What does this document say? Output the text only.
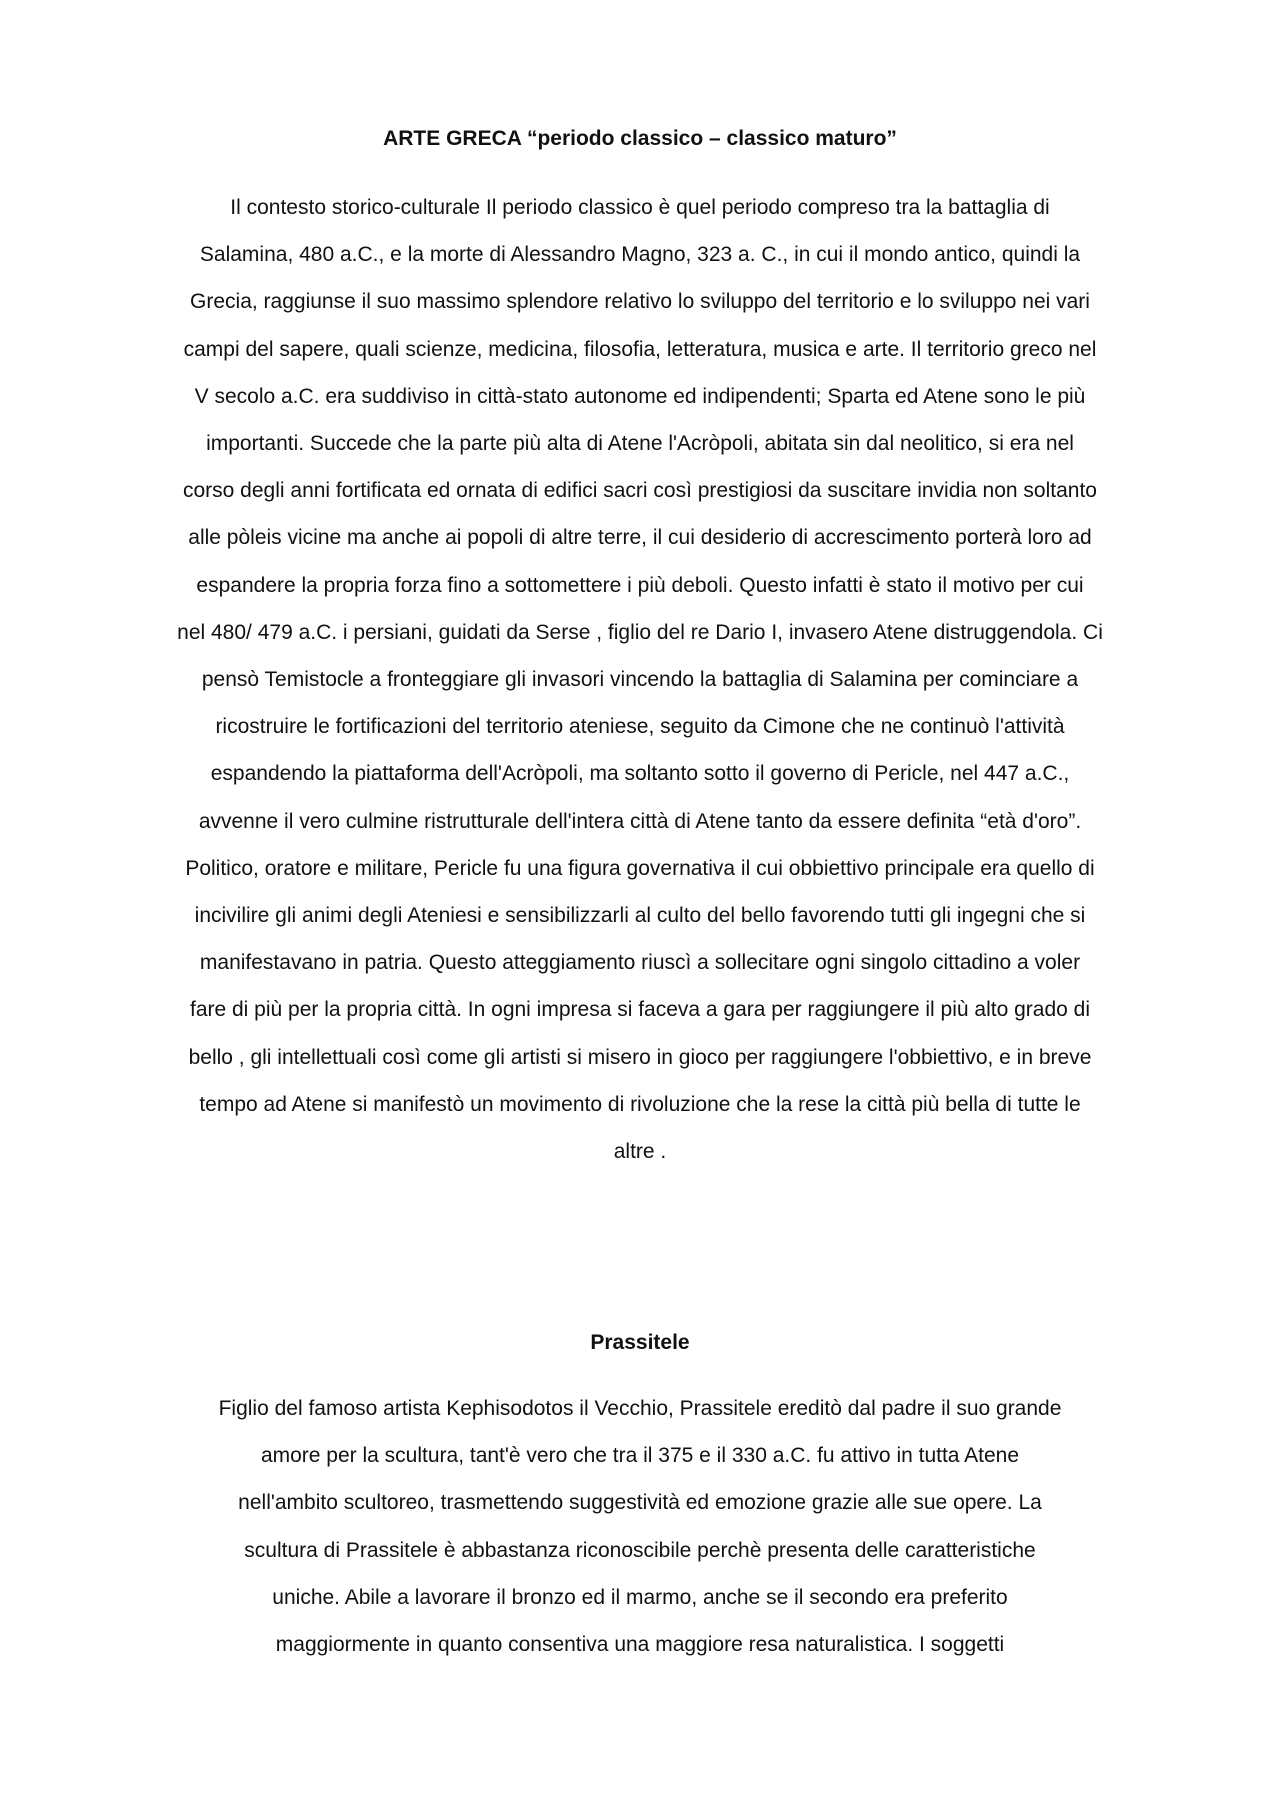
ARTE GRECA “periodo classico – classico maturo”
Il contesto storico-culturale Il periodo classico è quel periodo compreso tra la battaglia di
Salamina, 480 a.C., e la morte di Alessandro Magno, 323 a. C., in cui il mondo antico, quindi la
Grecia, raggiunse il suo massimo splendore relativo lo sviluppo del territorio e lo sviluppo nei vari
campi del sapere, quali scienze, medicina, filosofia, letteratura, musica e arte. Il territorio greco nel
V secolo a.C. era suddiviso in città-stato autonome ed indipendenti; Sparta ed Atene sono le più
importanti. Succede che la parte più alta di Atene l'Acròpoli, abitata sin dal neolitico, si era nel
corso degli anni fortificata ed ornata di edifici sacri così prestigiosi da suscitare invidia non soltanto
alle pòleis vicine ma anche ai popoli di altre terre, il cui desiderio di accrescimento porterà loro ad
espandere la propria forza fino a sottomettere i più deboli. Questo infatti è stato il motivo per cui
nel 480/ 479 a.C. i persiani, guidati da Serse , figlio del re Dario I, invasero Atene distruggendola. Ci
pensò Temistocle a fronteggiare gli invasori vincendo la battaglia di Salamina per cominciare a
ricostruire le fortificazioni del territorio ateniese, seguito da Cimone che ne continuò l'attività
espandendo la piattaforma dell'Acròpoli, ma soltanto sotto il governo di Pericle, nel 447 a.C.,
avvenne il vero culmine ristrutturale dell'intera città di Atene tanto da essere definita “età d'oro”.
Politico, oratore e militare, Pericle fu una figura governativa il cui obbiettivo principale era quello di
incivilire gli animi degli Ateniesi e sensibilizzarli al culto del bello favorendo tutti gli ingegni che si
manifestavano in patria. Questo atteggiamento riuscì a sollecitare ogni singolo cittadino a voler
fare di più per la propria città. In ogni impresa si faceva a gara per raggiungere il più alto grado di
bello , gli intellettuali così come gli artisti si misero in gioco per raggiungere l'obbiettivo, e in breve
tempo ad Atene si manifestò un movimento di rivoluzione che la rese la città più bella di tutte le
altre .
Prassitele
Figlio del famoso artista Kephisodotos il Vecchio, Prassitele ereditò dal padre il suo grande
amore per la scultura, tant'è vero che tra il 375 e il 330 a.C. fu attivo in tutta Atene
nell'ambito scultoreo, trasmettendo suggestività ed emozione grazie alle sue opere. La
scultura di Prassitele è abbastanza riconoscibile perchè presenta delle caratteristiche
uniche. Abile a lavorare il bronzo ed il marmo, anche se il secondo era preferito
maggiormente in quanto consentiva una maggiore resa naturalistica. I soggetti
